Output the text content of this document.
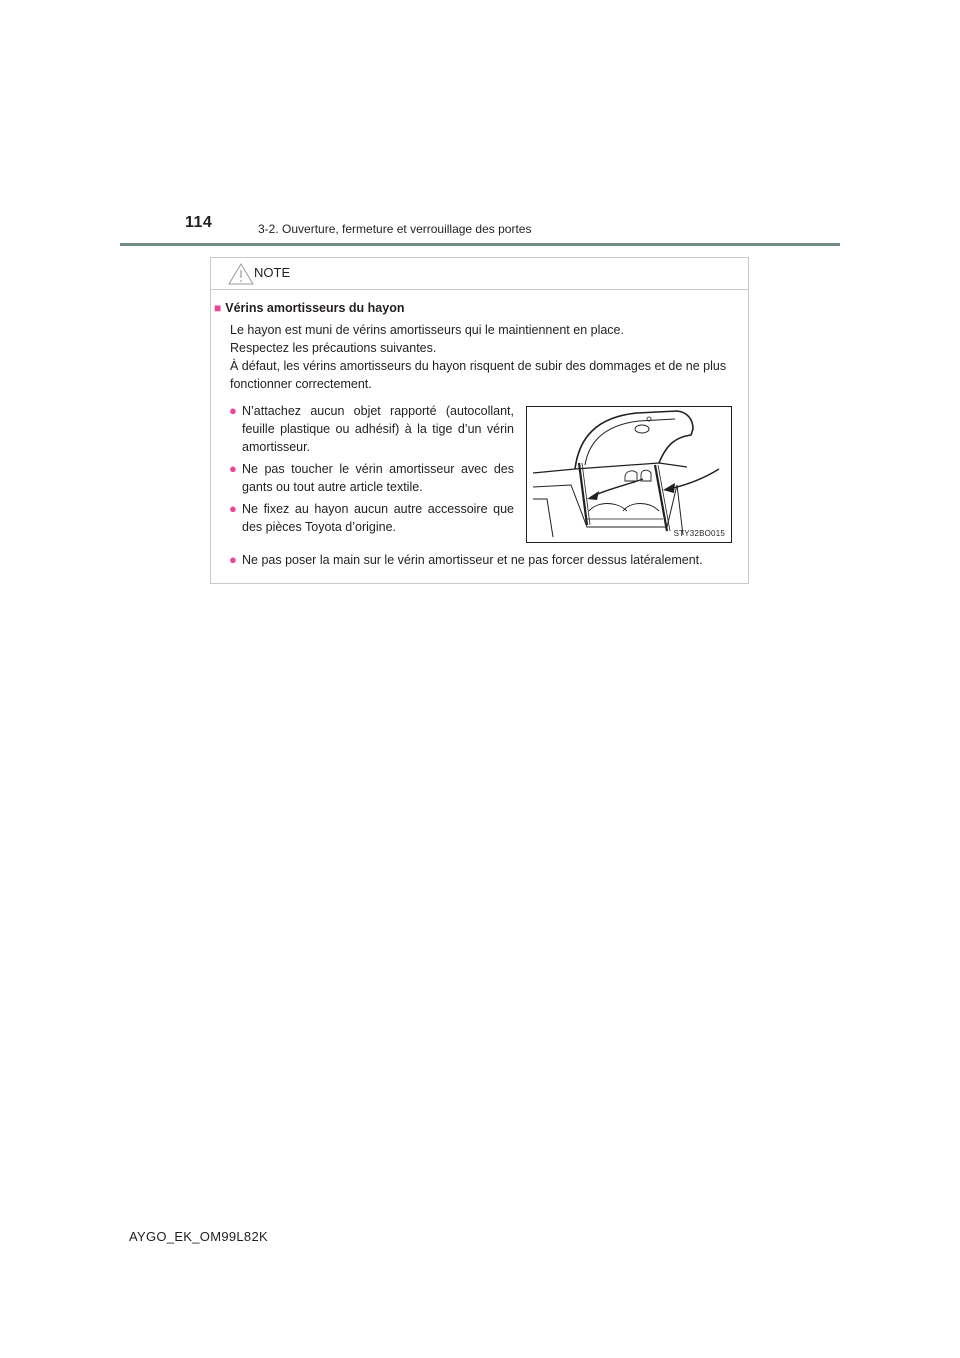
114	3-2. Ouverture, fermeture et verrouillage des portes
NOTE
■ Vérins amortisseurs du hayon
Le hayon est muni de vérins amortisseurs qui le maintiennent en place.
Respectez les précautions suivantes.
À défaut, les vérins amortisseurs du hayon risquent de subir des dommages et de ne plus fonctionner correctement.
● N’attachez aucun objet rapporté (autocollant, feuille plastique ou adhésif) à la tige d’un vérin amortisseur.
● Ne pas toucher le vérin amortisseur avec des gants ou tout autre article textile.
● Ne fixez au hayon aucun autre accessoire que des pièces Toyota d’origine.
● Ne pas poser la main sur le vérin amortisseur et ne pas forcer dessus latéralement.
STY32BO015
AYGO_EK_OM99L82K
